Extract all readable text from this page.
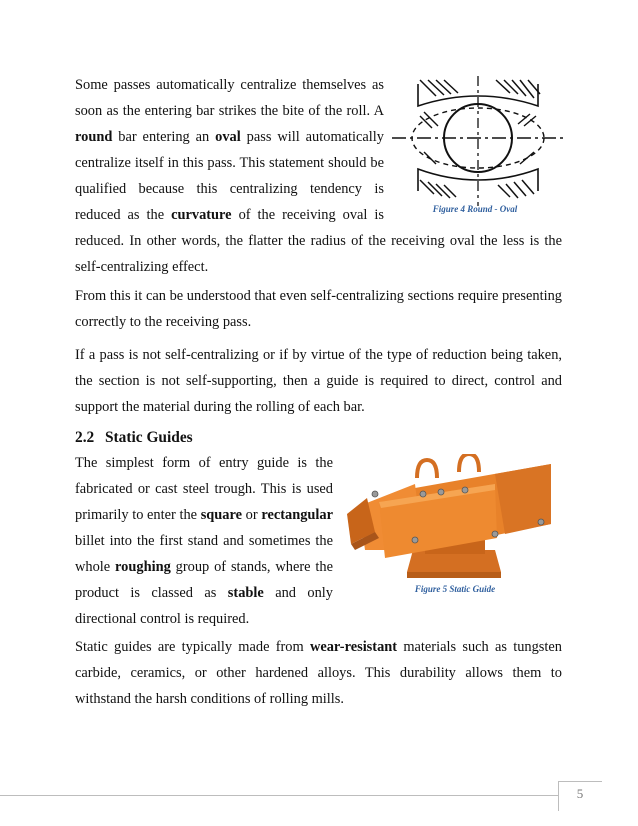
Figure 4 Round - Oval

Some passes automatically centralize themselves as soon as the entering bar strikes the bite of the roll. A round bar entering an oval pass will automatically centralize itself in this pass. This statement should be qualified because this centralizing tendency is reduced as the curvature of the receiving oval is reduced. In other words, the flatter the radius of the receiving oval the less is the self-centralizing effect.

From this it can be understood that even self-centralizing sections require presenting correctly to the receiving pass.

If a pass is not self-centralizing or if by virtue of the type of reduction being taken, the section is not self-supporting, then a guide is required to direct, control and support the material during the rolling of each bar.

2.2 Static Guides
Figure 5 Static Guide

The simplest form of entry guide is the fabricated or cast steel trough. This is used primarily to enter the square or rectangular billet into the first stand and sometimes the whole roughing group of stands, where the product is classed as stable and only directional control is required.

Static guides are typically made from wear-resistant materials such as tungsten carbide, ceramics, or other hardened alloys. This durability allows them to withstand the harsh conditions of rolling mills.

5
